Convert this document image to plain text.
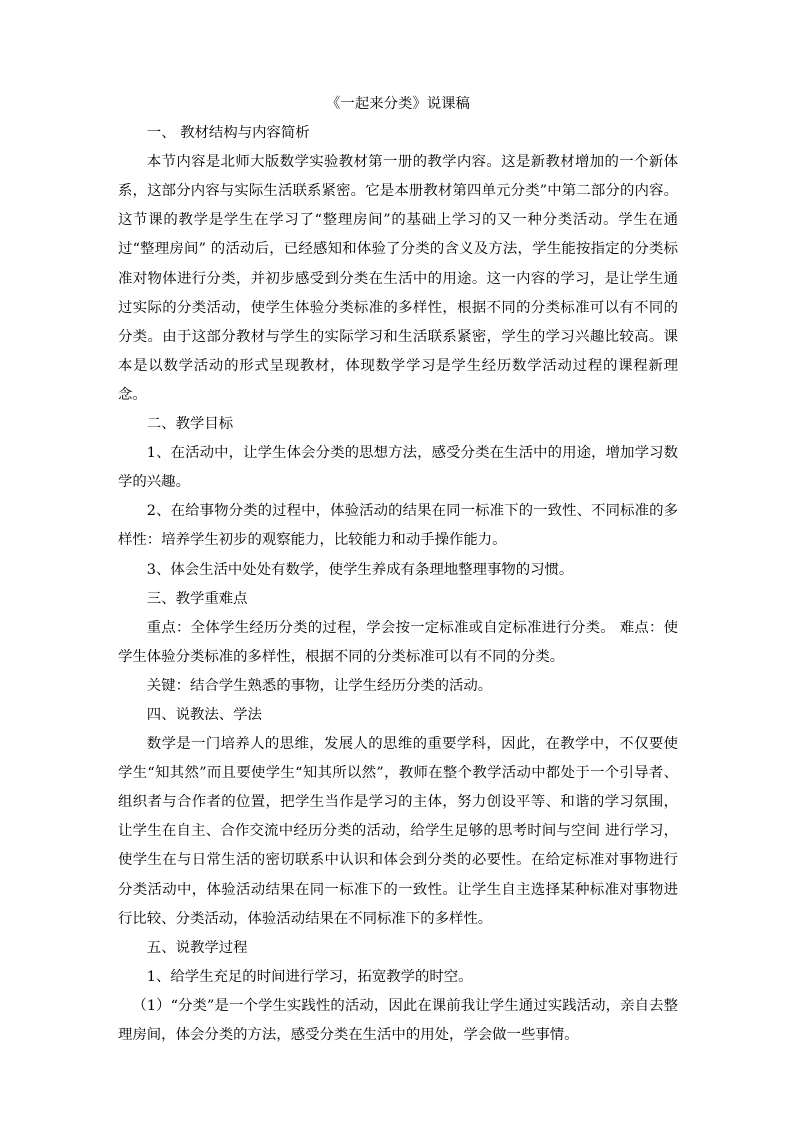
《一起来分类》说课稿

一、 教材结构与内容简析

本节内容是北师大版数学实验教材第一册的教学内容。这是新教材增加的一个新体系，这部分内容与实际生活联系紧密。它是本册教材第四单元分类”中第二部分的内容。这节课的教学是学生在学习了“整理房间”的基础上学习的又一种分类活动。学生在通过“整理房间” 的活动后，已经感知和体验了分类的含义及方法，学生能按指定的分类标准对物体进行分类，并初步感受到分类在生活中的用途。这一内容的学习，是让学生通过实际的分类活动，使学生体验分类标准的多样性，根据不同的分类标准可以有不同的分类。由于这部分教材与学生的实际学习和生活联系紧密，学生的学习兴趣比较高。课本是以数学活动的形式呈现教材，体现数学学习是学生经历数学活动过程的课程新理念。

二、教学目标

1、在活动中，让学生体会分类的思想方法，感受分类在生活中的用途，增加学习数学的兴趣。

2、在给事物分类的过程中，体验活动的结果在同一标准下的一致性、不同标准的多样性：培养学生初步的观察能力，比较能力和动手操作能力。

3、体会生活中处处有数学，使学生养成有条理地整理事物的习惯。

三、教学重难点

重点：全体学生经历分类的过程，学会按一定标准或自定标准进行分类。 难点：使学生体验分类标准的多样性，根据不同的分类标准可以有不同的分类。

关键：结合学生熟悉的事物，让学生经历分类的活动。

四、说教法、学法

数学是一门培养人的思维，发展人的思维的重要学科，因此，在教学中，不仅要使学生“知其然”而且要使学生“知其所以然”，教师在整个教学活动中都处于一个引导者、组织者与合作者的位置，把学生当作是学习的主体，努力创设平等、和谐的学习氛围，让学生在自主、合作交流中经历分类的活动，给学生足够的思考时间与空间 进行学习，使学生在与日常生活的密切联系中认识和体会到分类的必要性。在给定标准对事物进行分类活动中，体验活动结果在同一标准下的一致性。让学生自主选择某种标准对事物进行比较、分类活动，体验活动结果在不同标准下的多样性。

五、说教学过程

1、给学生充足的时间进行学习，拓宽教学的时空。

（1）“分类”是一个学生实践性的活动，因此在课前我让学生通过实践活动，亲自去整理房间，体会分类的方法，感受分类在生活中的用处，学会做一些事情。
